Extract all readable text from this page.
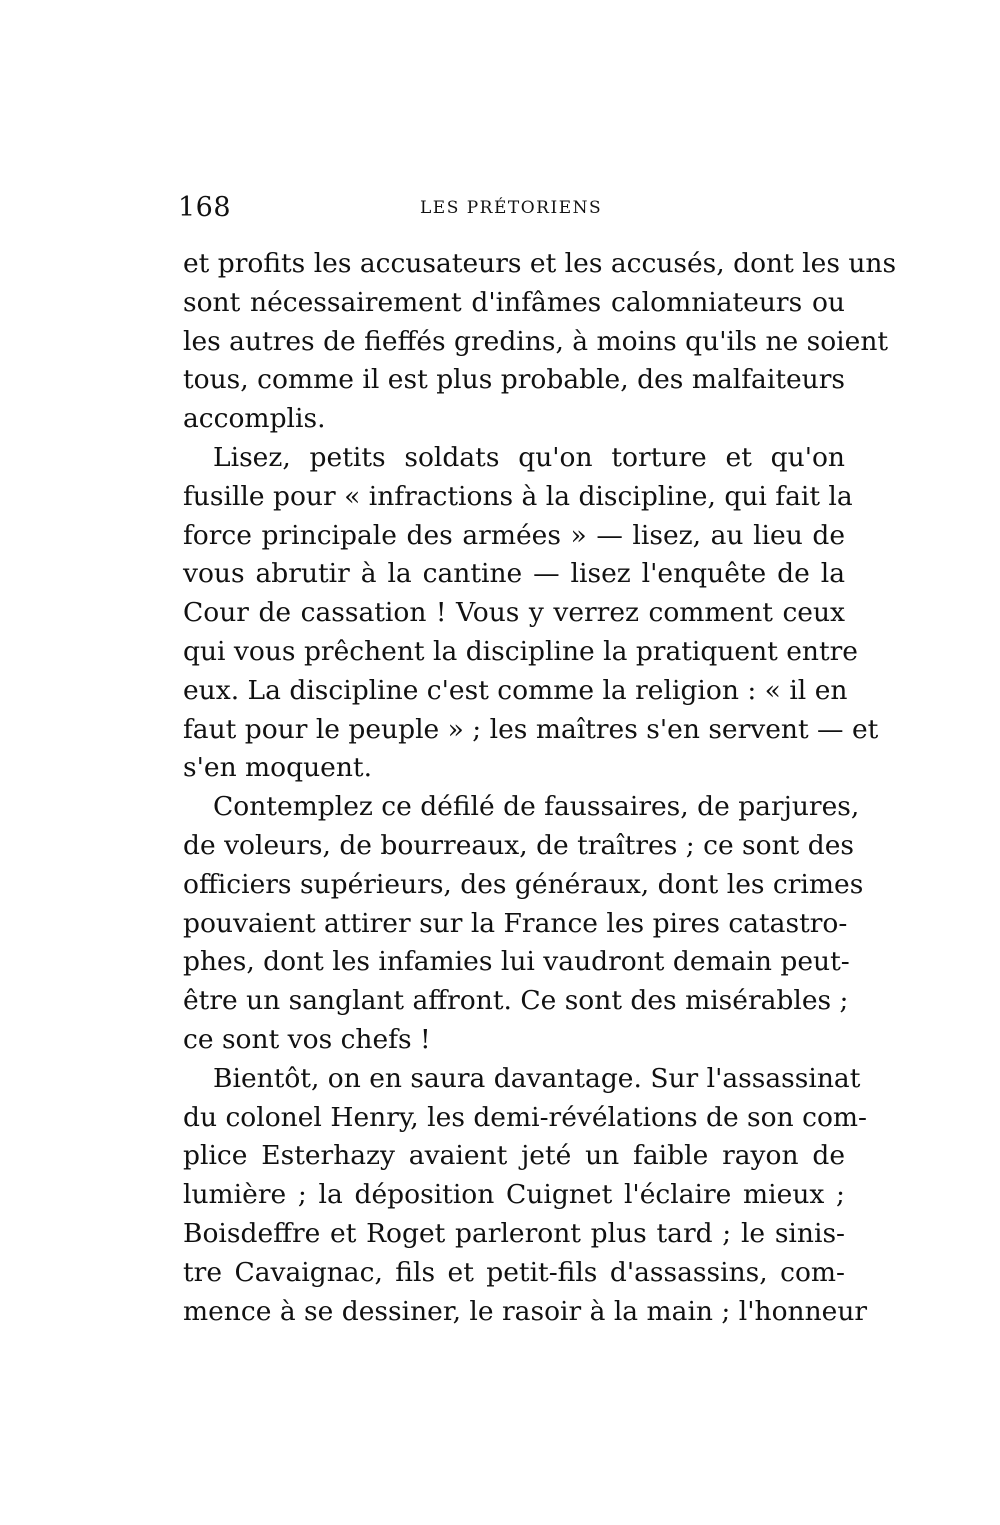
168	LES PRÉTORIENS
et profits les accusateurs et les accusés, dont les uns
sont nécessairement d'infâmes calomniateurs ou
les autres de fieffés gredins, à moins qu'ils ne soient
tous, comme il est plus probable, des malfaiteurs
accomplis.
Lisez, petits soldats qu'on torture et qu'on
fusille pour « infractions à la discipline, qui fait la
force principale des armées » — lisez, au lieu de
vous abrutir à la cantine — lisez l'enquête de la
Cour de cassation ! Vous y verrez comment ceux
qui vous prêchent la discipline la pratiquent entre
eux. La discipline c'est comme la religion : « il en
faut pour le peuple » ; les maîtres s'en servent — et
s'en moquent.
Contemplez ce défilé de faussaires, de parjures,
de voleurs, de bourreaux, de traîtres ; ce sont des
officiers supérieurs, des généraux, dont les crimes
pouvaient attirer sur la France les pires catastro-
phes, dont les infamies lui vaudront demain peut-
être un sanglant affront. Ce sont des misérables ;
ce sont vos chefs !
Bientôt, on en saura davantage. Sur l'assassinat
du colonel Henry, les demi-révélations de son com-
plice Esterhazy avaient jeté un faible rayon de
lumière ; la déposition Cuignet l'éclaire mieux ;
Boisdeffre et Roget parleront plus tard ; le sinis-
tre Cavaignac, fils et petit-fils d'assassins, com-
mence à se dessiner, le rasoir à la main ; l'honneur
